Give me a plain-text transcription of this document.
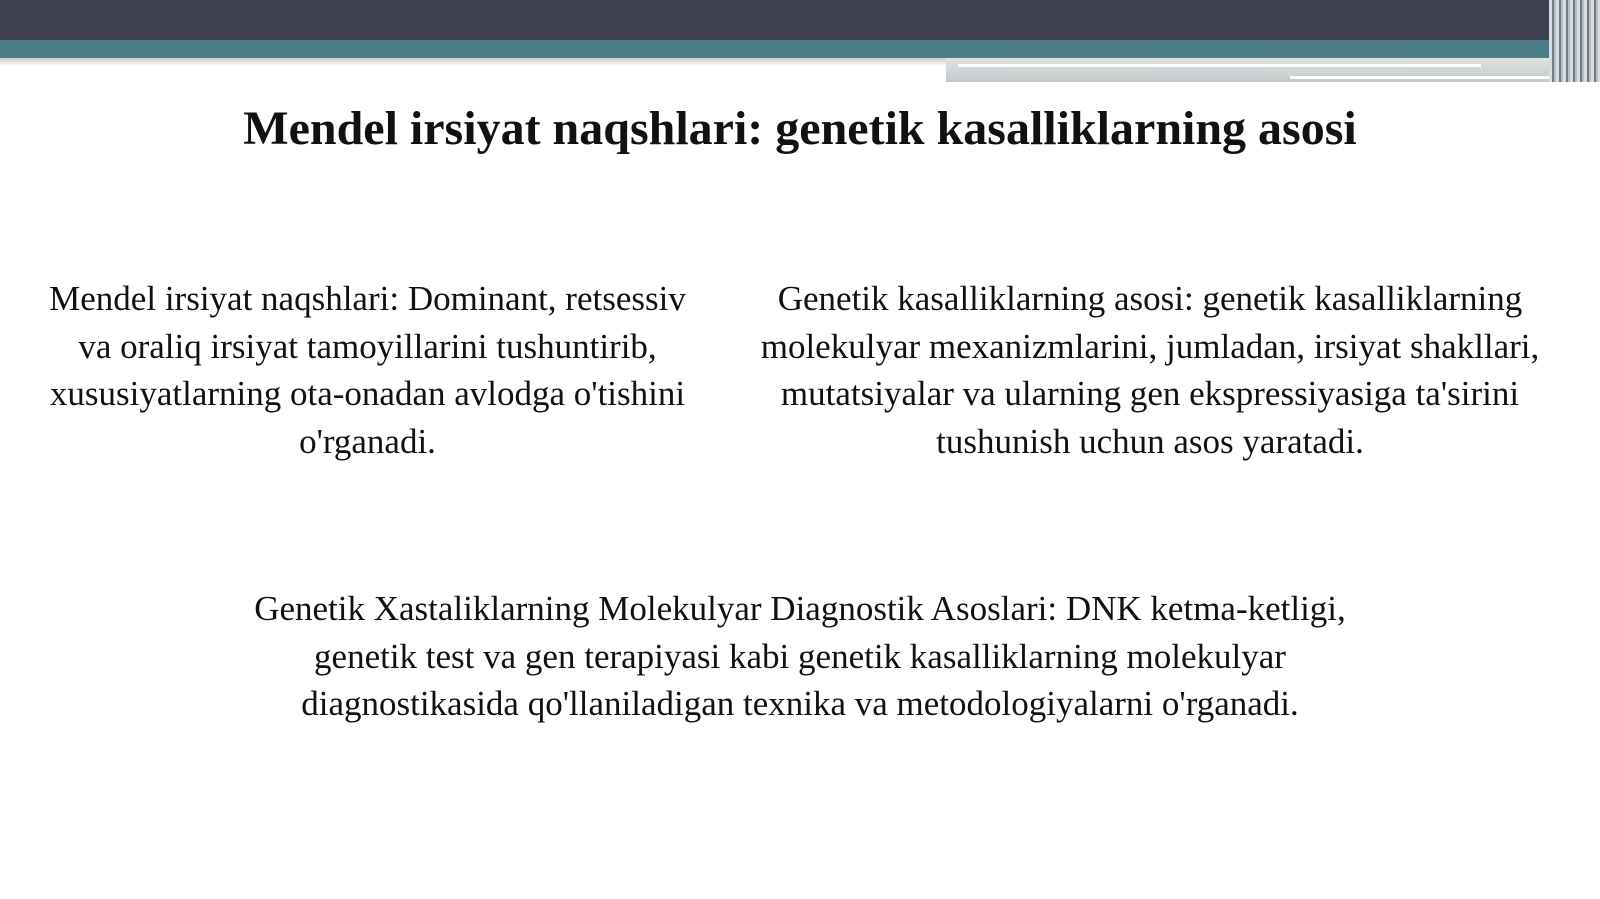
Mendel irsiyat naqshlari: genetik kasalliklarning asosi

Mendel irsiyat naqshlari: Dominant, retsessiv va oraliq irsiyat tamoyillarini tushuntirib, xususiyatlarning ota-onadan avlodga o'tishini o'rganadi.

Genetik kasalliklarning asosi: genetik kasalliklarning molekulyar mexanizmlarini, jumladan, irsiyat shakllari, mutatsiyalar va ularning gen ekspressiyasiga ta'sirini tushunish uchun asos yaratadi.

Genetik Xastaliklarning Molekulyar Diagnostik Asoslari: DNK ketma-ketligi, genetik test va gen terapiyasi kabi genetik kasalliklarning molekulyar diagnostikasida qo'llaniladigan texnika va metodologiyalarni o'rganadi.
